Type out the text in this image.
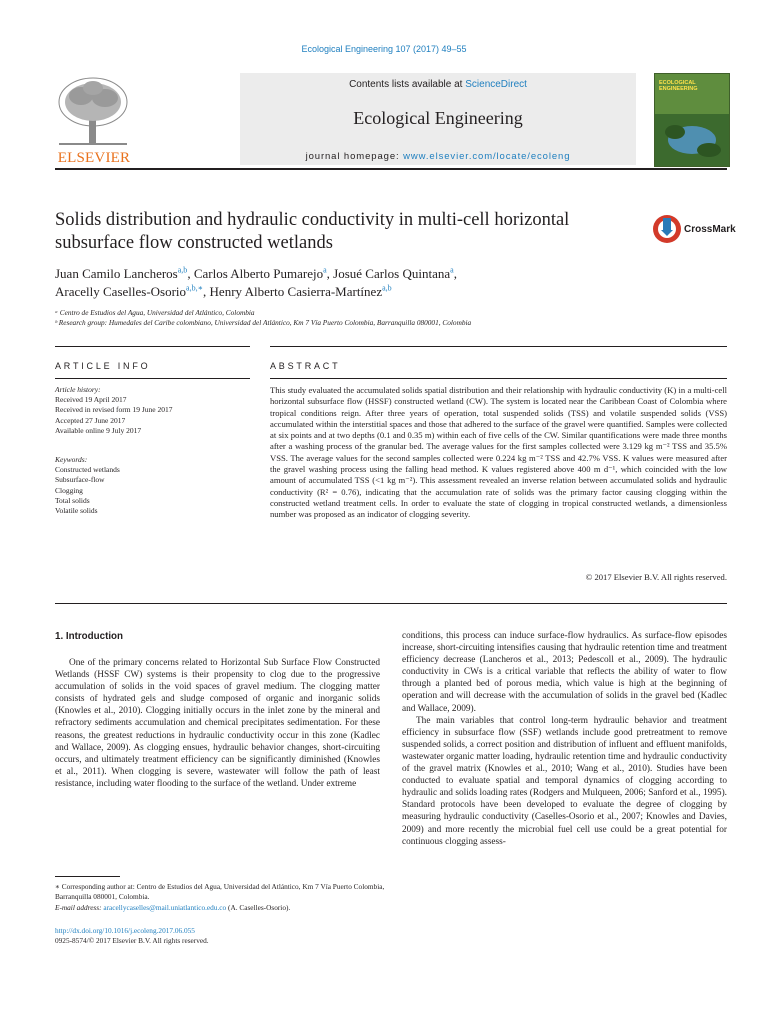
Ecological Engineering 107 (2017) 49–55
ELSEVIER
Contents lists available at ScienceDirect
Ecological Engineering
journal homepage: www.elsevier.com/locate/ecoleng
ECOLOGICAL ENGINEERING
Solids distribution and hydraulic conductivity in multi-cell horizontal subsurface flow constructed wetlands
CrossMark
Juan Camilo Lancheros$^{a,b}$, Carlos Alberto Pumarejo$^a$, Josué Carlos Quintana$^a$,
Aracelly Caselles-Osorio$^{a,b,∗}$, Henry Alberto Casierra-Martínez$^{a,b}$
ᵃ Centro de Estudios del Agua, Universidad del Atlántico, Colombia
ᵇ Research group: Humedales del Caribe colombiano, Universidad del Atlántico, Km 7 Vía Puerto Colombia, Barranquilla 080001, Colombia
ARTICLE INFO
Article history:
Received 19 April 2017
Received in revised form 19 June 2017
Accepted 27 June 2017
Available online 9 July 2017
Keywords:
Constructed wetlands
Subsurface-flow
Clogging
Total solids
Volatile solids
ABSTRACT
This study evaluated the accumulated solids spatial distribution and their relationship with hydraulic conductivity (K) in a multi-cell horizontal subsurface flow (HSSF) constructed wetland (CW). The system is located near the Caribbean Coast of Colombia where tropical conditions reign. After three years of operation, total suspended solids (TSS) and volatile suspended solids (VSS) accumulated within the interstitial spaces and those that adhered to the surface of the gravel were quantified. Samples were collected at six points and at two depths (0.1 and 0.35 m) within each of five cells of the CW. Similar quantifications were made three months after a washing process of the granular bed. The average values for the first samples collected were 3.129 kg m⁻² TSS and 35.5% VSS. The average values for the second samples collected were 0.224 kg m⁻² TSS and 42.7% VSS. K values were measured after the gravel washing process using the falling head method. K values registered above 400 m d⁻¹, which coincided with the low amount of accumulated TSS (<1 kg m⁻²). This assessment revealed an inverse relation between accumulated solids and hydraulic conductivity (R² = 0.76), indicating that the accumulation rate of solids was the primary factor causing clogging within the constructed wetland treatment cells. In order to evaluate the state of clogging in tropical constructed wetlands, a dimensionless number was proposed as an indicator of clogging severity.
© 2017 Elsevier B.V. All rights reserved.
1. Introduction

One of the primary concerns related to Horizontal Sub Surface Flow Constructed Wetlands (HSSF CW) systems is their propensity to clog due to the progressive accumulation of solids in the void spaces of gravel medium. The clogging matter consists of hydrated gels and sludge composed of organic and inorganic solids (Knowles et al., 2010). Clogging initially occurs in the inlet zone by the mineral and refractory sediments accumulation and chemical precipitates sedimentation. For these reasons, the greatest reductions in hydraulic conductivity occur in this zone (Kadlec and Wallace, 2009). As clogging ensues, hydraulic behavior changes, short-circuiting occurs, and ultimately treatment efficiency can be significantly diminished (Knowles et al., 2011). When clogging is severe, wastewater will follow the path of least resistance, including water flooding to the surface of the wetland. Under extreme

conditions, this process can induce surface-flow hydraulics. As surface-flow episodes increase, short-circuiting intensifies causing that hydraulic retention time and treatment efficiency decrease (Lancheros et al., 2013; Pedescoll et al., 2009). The hydraulic conductivity in CWs is a critical variable that reflects the ability of water to flow through a planted bed of porous media, which value is high at the beginning of operation and will decrease with the accumulation of solids in the gravel bed (Kadlec and Wallace, 2009).

The main variables that control long-term hydraulic behavior and treatment efficiency in subsurface flow (SSF) wetlands include good pretreatment to remove suspended solids, a correct position and distribution of influent and effluent manifolds, wastewater organic matter loading, hydraulic retention time and hydraulic conductivity of the gravel matrix (Knowles et al., 2010; Wang et al., 2010). Studies have been conducted to evaluate spatial and temporal dynamics of clogging according to hydraulic and solids loading rates (Rodgers and Mulqueen, 2006; Sanford et al., 1995). Standard protocols have been developed to evaluate the degree of clogging by measuring hydraulic conductivity (Caselles-Osorio et al., 2007; Knowles and Davies, 2009) and more recently the microbial fuel cell use could be a great potential for continuous clogging assess-

∗ Corresponding author at: Centro de Estudios del Agua, Universidad del Atlántico, Km 7 Vía Puerto Colombia, Barranquilla 080001, Colombia.
E-mail address: aracellycaselles@mail.uniatlantico.edu.co (A. Caselles-Osorio).
http://dx.doi.org/10.1016/j.ecoleng.2017.06.055
0925-8574/© 2017 Elsevier B.V. All rights reserved.
